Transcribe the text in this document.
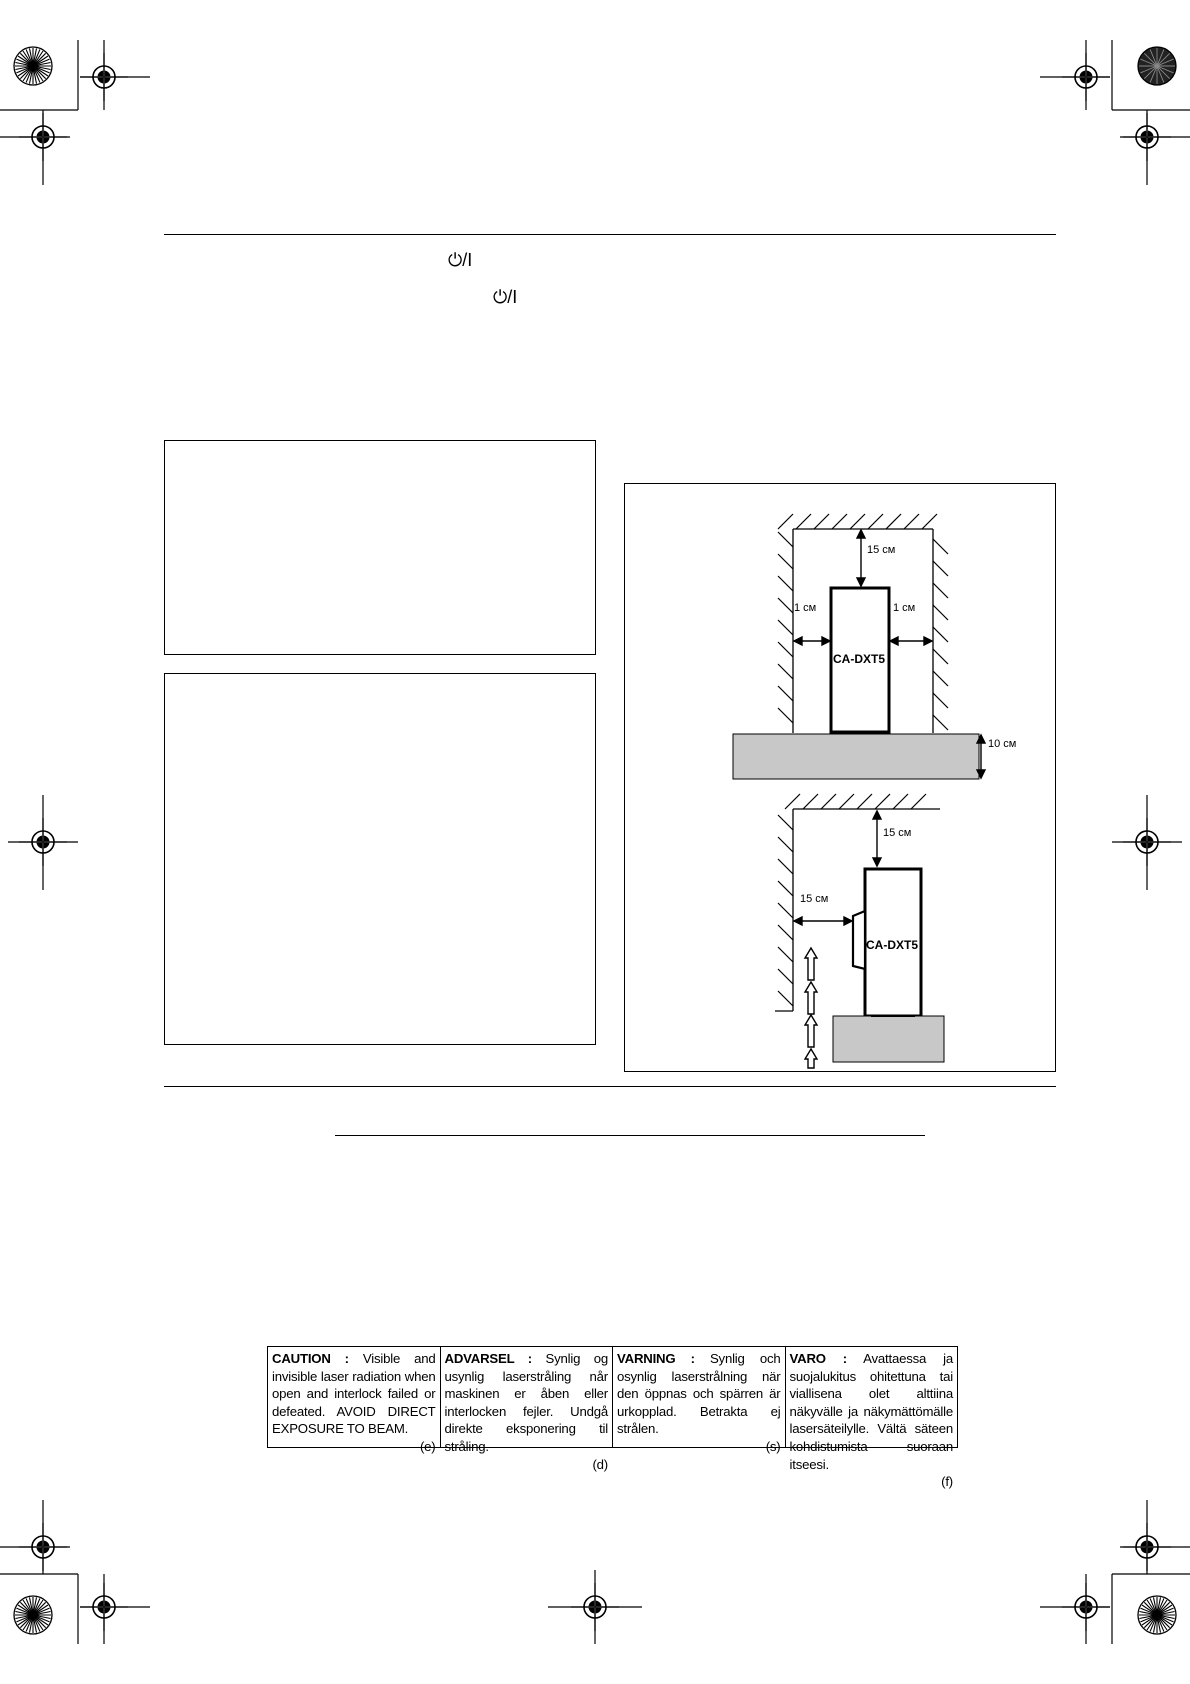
⏻/I
⏻/I
15 см
1 см	1 см
10 см
CA-DXT5
15 см
15 см
CA-DXT5
CAUTION : Visible and invisible laser radiation when open and interlock failed or defeated. AVOID DIRECT EXPOSURE TO BEAM.
(e)
ADVARSEL : Synlig og usynlig laserstråling når maskinen er åben eller interlocken fejler. Undgå direkte eksponering til stråling.
(d)
VARNING : Synlig och osynlig laserstrålning när den öppnas och spärren är urkopplad. Betrakta ej strålen.
(s)
VARO : Avattaessa ja suojalukitus ohitettuna tai viallisena olet alttiina näkyvälle ja näkymättömälle lasersäteilylle. Vältä säteen kohdistumista suoraan itseesi.
(f)
